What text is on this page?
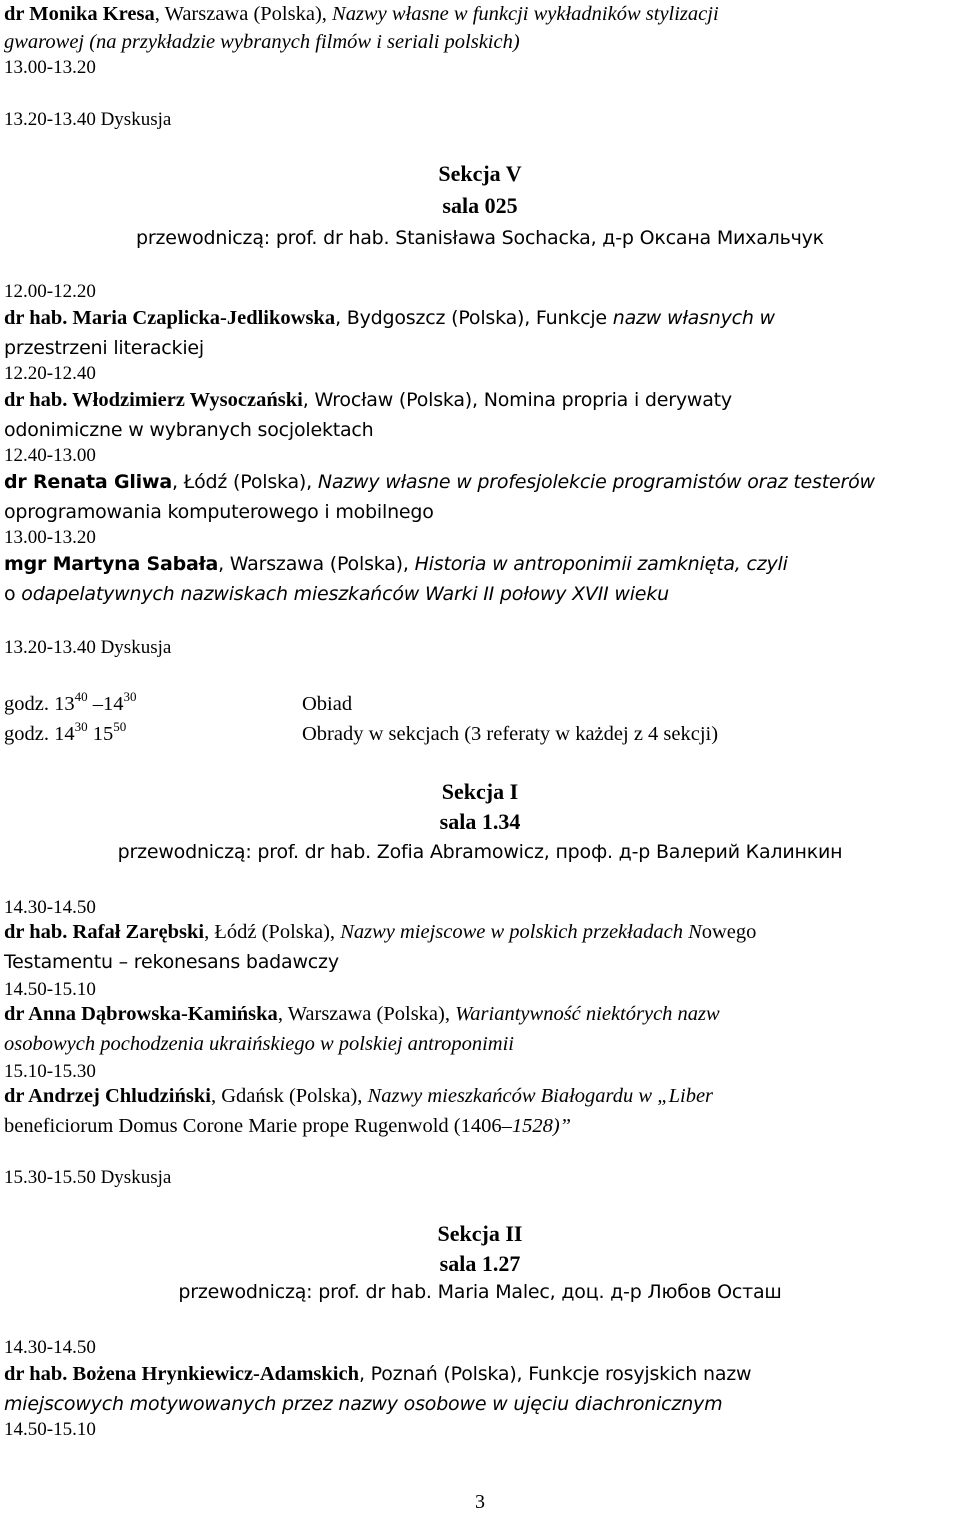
dr Monika Kresa, Warszawa (Polska), Nazwy własne w funkcji wykładników stylizacji
gwarowej (na przykładzie wybranych filmów i seriali polskich)
13.00-13.20
13.20-13.40 Dyskusja
Sekcja V
sala 025
przewodniczą: prof. dr hab. Stanisława Sochacka, д-р Оксана Михальчук
12.00-12.20
dr hab. Maria Czaplicka-Jedlikowska, Bydgoszcz (Polska), Funkcje nazw własnych w
przestrzeni literackiej
12.20-12.40
dr hab. Włodzimierz Wysoczański, Wrocław (Polska), Nomina propria i derywaty
odonimiczne w wybranych socjolektach
12.40-13.00
dr Renata Gliwa, Łódź (Polska), Nazwy własne w profesjolekcie programistów oraz testerów
oprogramowania komputerowego i mobilnego
13.00-13.20
mgr Martyna Sabała, Warszawa (Polska), Historia w antroponimii zamknięta, czyli
o odapelatywnych nazwiskach mieszkańców Warki II połowy XVII wieku
13.20-13.40 Dyskusja
godz. $13^{40}$ $-14^{30}$	Obiad
godz. $14^{30}$ $15^{50}$	Obrady w sekcjach (3 referaty w każdej z 4 sekcji)
Sekcja I
sala 1.34
przewodniczą: prof. dr hab. Zofia Abramowicz, проф. д-р Валерий Калинкин
14.30-14.50
dr hab. Rafał Zarębski, Łódź (Polska), Nazwy miejscowe w polskich przekładach Nowego
Testamentu – rekonesans badawczy
14.50-15.10
dr Anna Dąbrowska-Kamińska, Warszawa (Polska), Wariantywność niektórych nazw
osobowych pochodzenia ukraińskiego w polskiej antroponimii
15.10-15.30
dr Andrzej Chludziński, Gdańsk (Polska), Nazwy mieszkańców Białogardu w „Liber
beneficiorum Domus Corone Marie prope Rugenwold (1406–1528)”
15.30-15.50 Dyskusja
Sekcja II
sala 1.27
przewodniczą: prof. dr hab. Maria Malec, доц. д-р Любов Осташ
14.30-14.50
dr hab. Bożena Hrynkiewicz-Adamskich, Poznań (Polska), Funkcje rosyjskich nazw
miejscowych motywowanych przez nazwy osobowe w ujęciu diachronicznym
14.50-15.10
3
